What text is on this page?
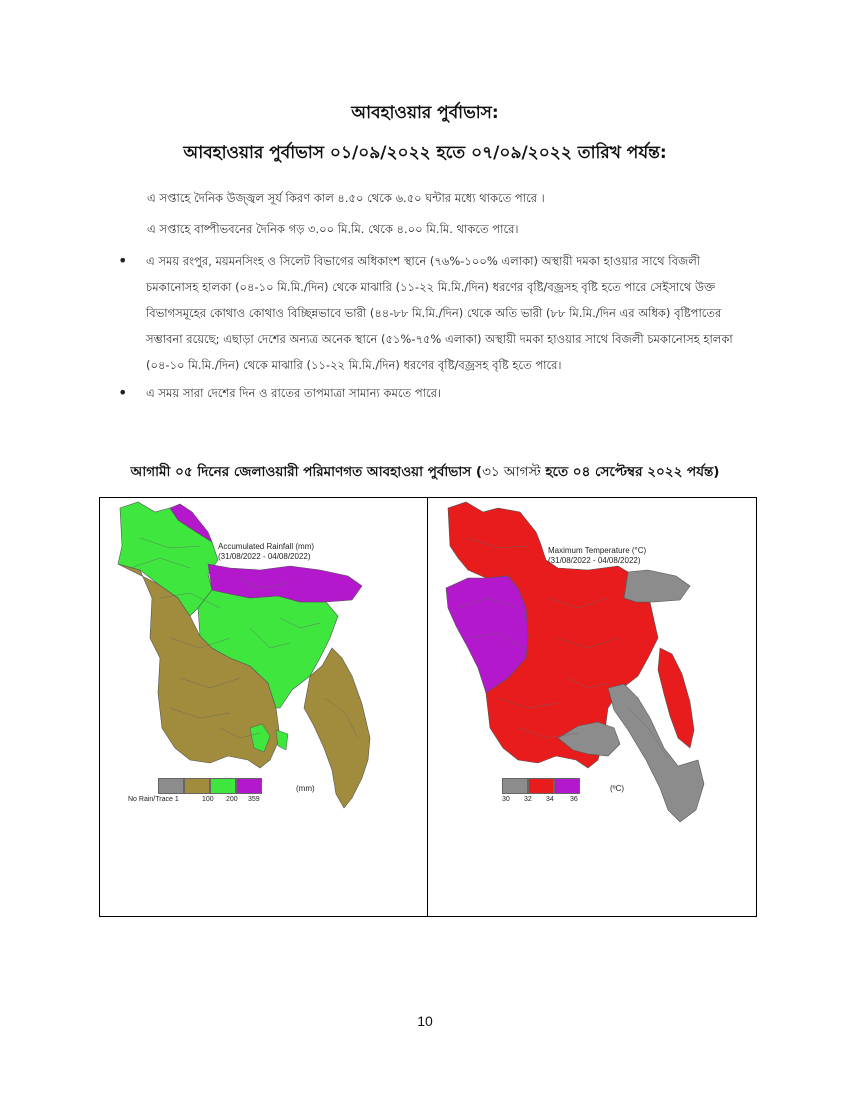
আবহাওয়ার পুর্বাভাস:
আবহাওয়ার পুর্বাভাস ০১/০৯/২০২২ হতে ০৭/০৯/২০২২ তারিখ পর্যন্ত:
এ সপ্তাহে দৈনিক উজ্জ্বল সূর্য কিরণ কাল ৪.৫০ থেকে ৬.৫০ ঘন্টার মধ্যে থাকতে পারে ।
এ সপ্তাহে বাষ্পীভবনের দৈনিক গড় ৩.০০ মি.মি. থেকে ৪.০০ মি.মি. থাকতে পারে।
• এ সময় রংপুর, ময়মনসিংহ ও সিলেট বিভাগের অধিকাংশ স্থানে (৭৬%-১০০% এলাকা) অস্থায়ী দমকা হাওয়ার সাথে বিজলী চমকানোসহ হালকা (০৪-১০ মি.মি./দিন) থেকে মাঝারি (১১-২২ মি.মি./দিন) ধরণের বৃষ্টি/বজ্রসহ বৃষ্টি হতে পারে সেইসাথে উক্ত বিভাগসমূহের কোথাও কোথাও বিচ্ছিন্নভাবে ভারী (৪৪-৮৮ মি.মি./দিন) থেকে অতি ভারী (৮৮ মি.মি./দিন এর অধিক) বৃষ্টিপাতের সম্ভাবনা রয়েছে; এছাড়া দেশের অন্যত্র অনেক স্থানে (৫১%-৭৫% এলাকা) অস্থায়ী দমকা হাওয়ার সাথে বিজলী চমকানোসহ হালকা (০৪-১০ মি.মি./দিন) থেকে মাঝারি (১১-২২ মি.মি./দিন) ধরণের বৃষ্টি/বজ্রসহ বৃষ্টি হতে পারে।
• এ সময় সারা দেশের দিন ও রাতের তাপমাত্রা সামান্য কমতে পারে।
আগামী ০৫ দিনের জেলাওয়ারী পরিমাণগত আবহাওয়া পুর্বাভাস (৩১ আগস্ট হতে ০৪ সেপ্টেম্বর ২০২২ পর্যন্ত)
Accumulated Rainfall (mm)
(31/08/2022 - 04/08/2022)
No Rain/Trace 1	100 200 359
(mm)
Maximum Temperature (°C)
(31/08/2022 - 04/08/2022)
30 32 34 36
(ºC)
10
